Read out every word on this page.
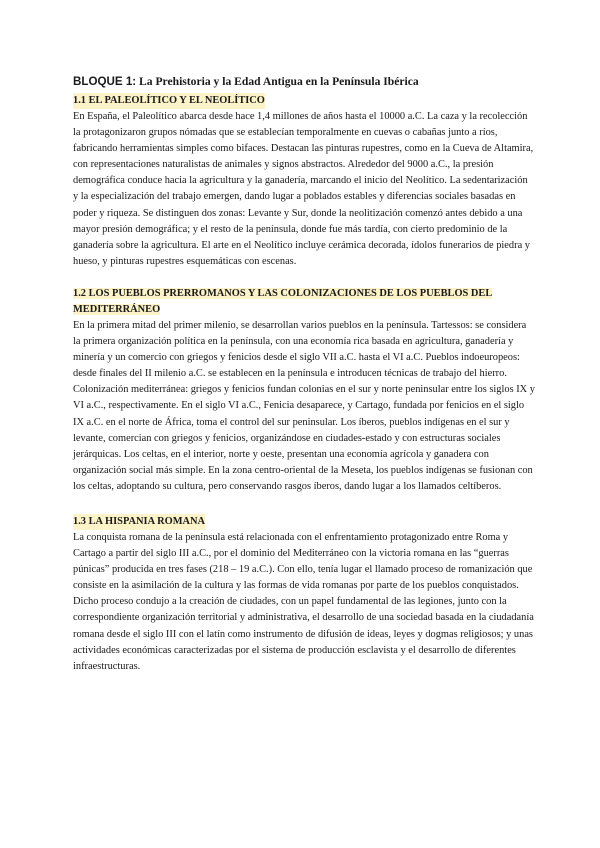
BLOQUE 1: La Prehistoria y la Edad Antigua en la Península Ibérica
1.1 EL PALEOLÍTICO Y EL NEOLÍTICO

En España, el Paleolítico abarca desde hace 1,4 millones de años hasta el 10000 a.C. La caza y la recolección la protagonizaron grupos nómadas que se establecían temporalmente en cuevas o cabañas junto a ríos, fabricando herramientas simples como bifaces. Destacan las pinturas rupestres, como en la Cueva de Altamira, con representaciones naturalistas de animales y signos abstractos. Alrededor del 9000 a.C., la presión demográfica conduce hacia la agricultura y la ganadería, marcando el inicio del Neolítico. La sedentarización y la especialización del trabajo emergen, dando lugar a poblados estables y diferencias sociales basadas en poder y riqueza. Se distinguen dos zonas: Levante y Sur, donde la neolitización comenzó antes debido a una mayor presión demográfica; y el resto de la península, donde fue más tardía, con cierto predominio de la ganadería sobre la agricultura. El arte en el Neolítico incluye cerámica decorada, ídolos funerarios de piedra y hueso, y pinturas rupestres esquemáticas con escenas.

1.2 LOS PUEBLOS PRERROMANOS Y LAS COLONIZACIONES DE LOS PUEBLOS DEL MEDITERRÁNEO

En la primera mitad del primer milenio, se desarrollan varios pueblos en la península. Tartessos: se considera la primera organización política en la península, con una economía rica basada en agricultura, ganadería y minería y un comercio con griegos y fenicios desde el siglo VII a.C. hasta el VI a.C. Pueblos indoeuropeos: desde finales del II milenio a.C. se establecen en la península e introducen técnicas de trabajo del hierro. Colonización mediterránea: griegos y fenicios fundan colonias en el sur y norte peninsular entre los siglos IX y VI a.C., respectivamente. En el siglo VI a.C., Fenicia desaparece, y Cartago, fundada por fenicios en el siglo IX a.C. en el norte de África, toma el control del sur peninsular. Los íberos, pueblos indígenas en el sur y levante, comercian con griegos y fenicios, organizándose en ciudades-estado y con estructuras sociales jerárquicas. Los celtas, en el interior, norte y oeste, presentan una economía agrícola y ganadera con organización social más simple. En la zona centro-oriental de la Meseta, los pueblos indígenas se fusionan con los celtas, adoptando su cultura, pero conservando rasgos íberos, dando lugar a los llamados celtíberos.

1.3 LA HISPANIA ROMANA

La conquista romana de la península está relacionada con el enfrentamiento protagonizado entre Roma y Cartago a partir del siglo III a.C., por el dominio del Mediterráneo con la victoria romana en las “guerras púnicas” producida en tres fases (218 – 19 a.C.). Con ello, tenía lugar el llamado proceso de romanización que consiste en la asimilación de la cultura y las formas de vida romanas por parte de los pueblos conquistados. Dicho proceso condujo a la creación de ciudades, con un papel fundamental de las legiones, junto con la correspondiente organización territorial y administrativa, el desarrollo de una sociedad basada en la ciudadanía romana desde el siglo III con el latín como instrumento de difusión de ideas, leyes y dogmas religiosos; y unas actividades económicas caracterizadas por el sistema de producción esclavista y el desarrollo de diferentes infraestructuras.
